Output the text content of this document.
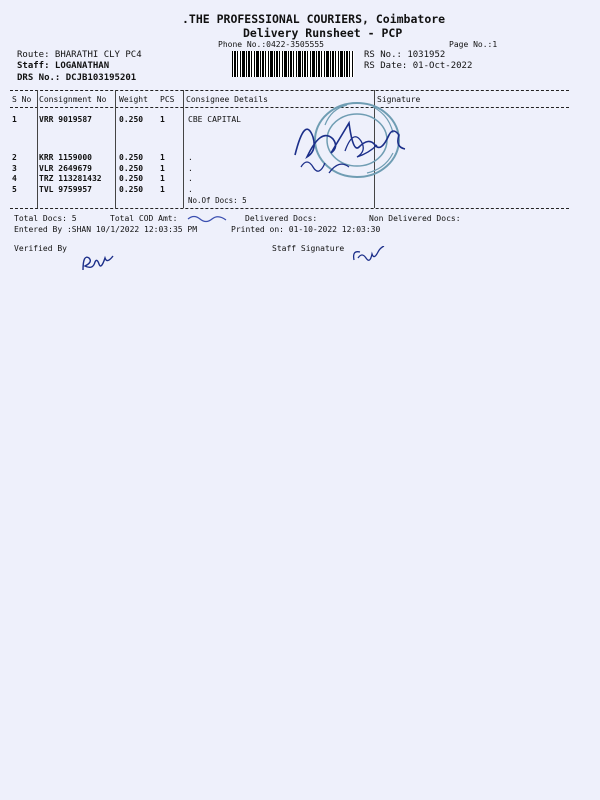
.THE PROFESSIONAL COURIERS, Coimbatore
Delivery Runsheet - PCP
Phone No.:0422-3505555	Page No.:1
Route: BHARATHI CLY PC4
Staff: LOGANATHAN
DRS No.: DCJB103195201
RS No.: 1031952
RS Date: 01-Oct-2022
S No Consignment No Weight PCS Consignee Details	Signature
1	VRR 9019587	0.250 1	CBE CAPITAL
2	KRR 1159000	0.250 1	.
3	VLR 2649679	0.250 1	.
4	TRZ 113281432 0.250 1	.
5	TVL 9759957	0.250 1	.
No.Of Docs: 5
Total Docs: 5	Total COD Amt:	Delivered Docs:	Non Delivered Docs:
Entered By :SHAN 10/1/2022 12:03:35 PM	Printed on: 01-10-2022 12:03:30
Verified By	Staff Signature
